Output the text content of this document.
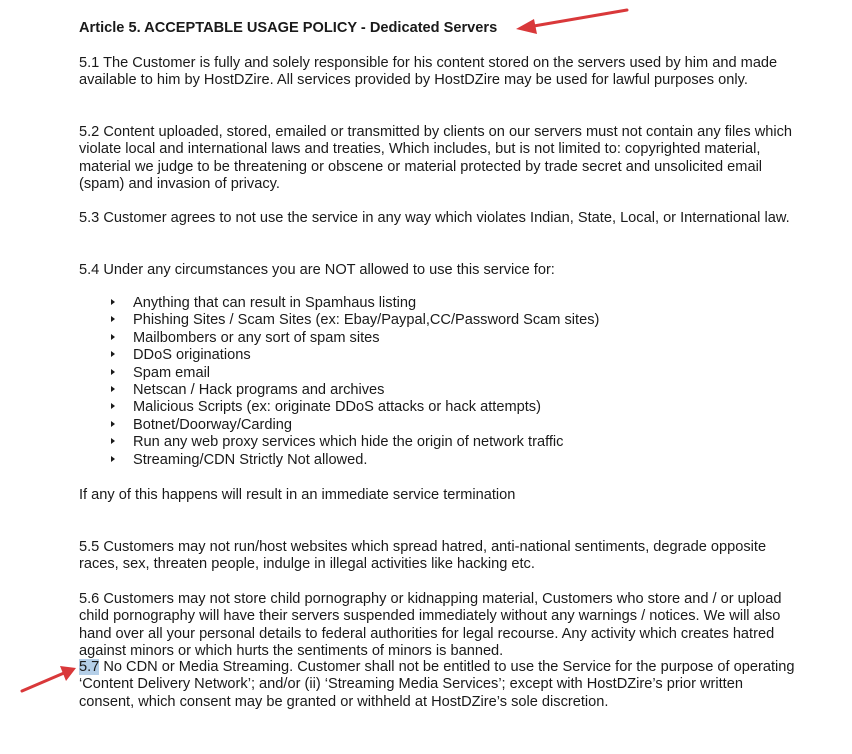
Article 5. ACCEPTABLE USAGE POLICY - Dedicated Servers

5.1 The Customer is fully and solely responsible for his content stored on the servers used by him and made available to him by HostDZire. All services provided by HostDZire may be used for lawful purposes only.

5.2 Content uploaded, stored, emailed or transmitted by clients on our servers must not contain any files which violate local and international laws and treaties, Which includes, but is not limited to: copyrighted material, material we judge to be threatening or obscene or material protected by trade secret and unsolicited email (spam) and invasion of privacy.

5.3 Customer agrees to not use the service in any way which violates Indian, State, Local, or International law.

5.4 Under any circumstances you are NOT allowed to use this service for:

Anything that can result in Spamhaus listing
Phishing Sites / Scam Sites (ex: Ebay/Paypal,CC/Password Scam sites)
Mailbombers or any sort of spam sites
DDoS originations
Spam email
Netscan / Hack programs and archives
Malicious Scripts (ex: originate DDoS attacks or hack attempts)
Botnet/Doorway/Carding
Run any web proxy services which hide the origin of network traffic
Streaming/CDN Strictly Not allowed.

If any of this happens will result in an immediate service termination

5.5 Customers may not run/host websites which spread hatred, anti-national sentiments, degrade opposite races, sex, threaten people, indulge in illegal activities like hacking etc.

5.6 Customers may not store child pornography or kidnapping material, Customers who store and / or upload child pornography will have their servers suspended immediately without any warnings / notices. We will also hand over all your personal details to federal authorities for legal recourse. Any activity which creates hatred against minors or which hurts the sentiments of minors is banned.

5.7 No CDN or Media Streaming. Customer shall not be entitled to use the Service for the purpose of operating ‘Content Delivery Network’; and/or (ii) ‘Streaming Media Services’; except with HostDZire’s prior written consent, which consent may be granted or withheld at HostDZire’s sole discretion.
